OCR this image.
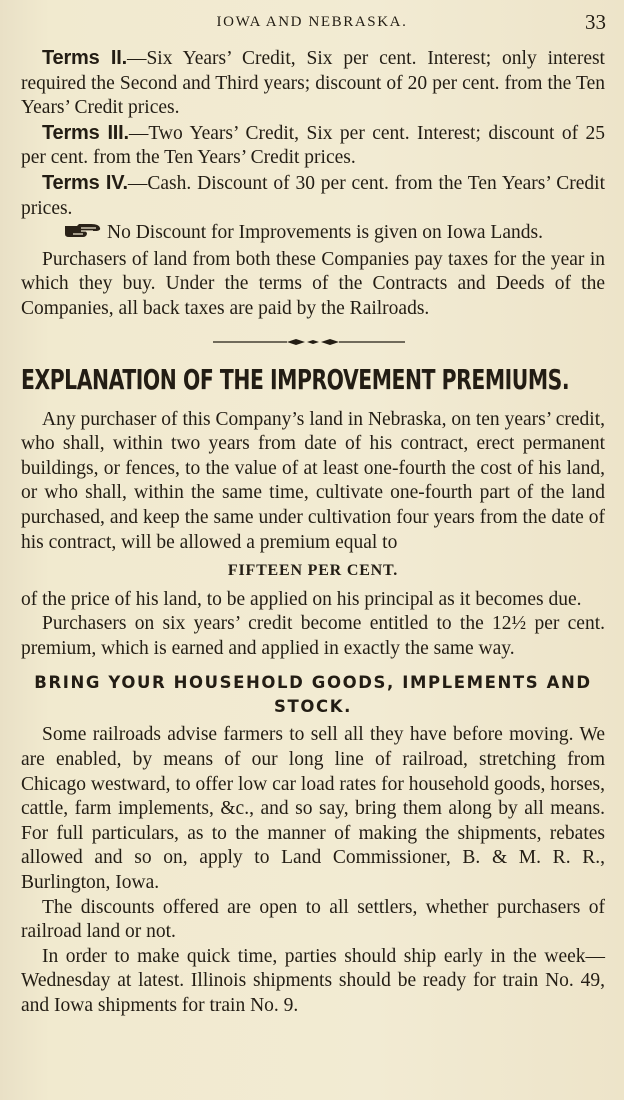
IOWA AND NEBRASKA.	33

Terms II.—Six Years’ Credit, Six per cent. Interest; only interest required the Second and Third years; discount of 20 per cent. from the Ten Years’ Credit prices.

Terms III.—Two Years’ Credit, Six per cent. Interest; discount of 25 per cent. from the Ten Years’ Credit prices.

Terms IV.—Cash. Discount of 30 per cent. from the Ten Years’ Credit prices.

No Discount for Improvements is given on Iowa Lands.

Purchasers of land from both these Companies pay taxes for the year in which they buy. Under the terms of the Contracts and Deeds of the Companies, all back taxes are paid by the Railroads.

EXPLANATION OF THE IMPROVEMENT PREMIUMS.

Any purchaser of this Company’s land in Nebraska, on ten years’ credit, who shall, within two years from date of his contract, erect permanent buildings, or fences, to the value of at least one-fourth the cost of his land, or who shall, within the same time, cultivate one-fourth part of the land purchased, and keep the same under cultivation four years from the date of his contract, will be allowed a premium equal to

FIFTEEN PER CENT.

of the price of his land, to be applied on his principal as it becomes due.

Purchasers on six years’ credit become entitled to the 12½ per cent. premium, which is earned and applied in exactly the same way.

BRING YOUR HOUSEHOLD GOODS, IMPLEMENTS AND STOCK.

Some railroads advise farmers to sell all they have before moving. We are enabled, by means of our long line of railroad, stretching from Chicago westward, to offer low car load rates for household goods, horses, cattle, farm implements, &c., and so say, bring them along by all means. For full particulars, as to the manner of making the shipments, rebates allowed and so on, apply to Land Commissioner, B. & M. R. R., Burlington, Iowa.

The discounts offered are open to all settlers, whether purchasers of railroad land or not.

In order to make quick time, parties should ship early in the week—Wednesday at latest. Illinois shipments should be ready for train No. 49, and Iowa shipments for train No. 9.
